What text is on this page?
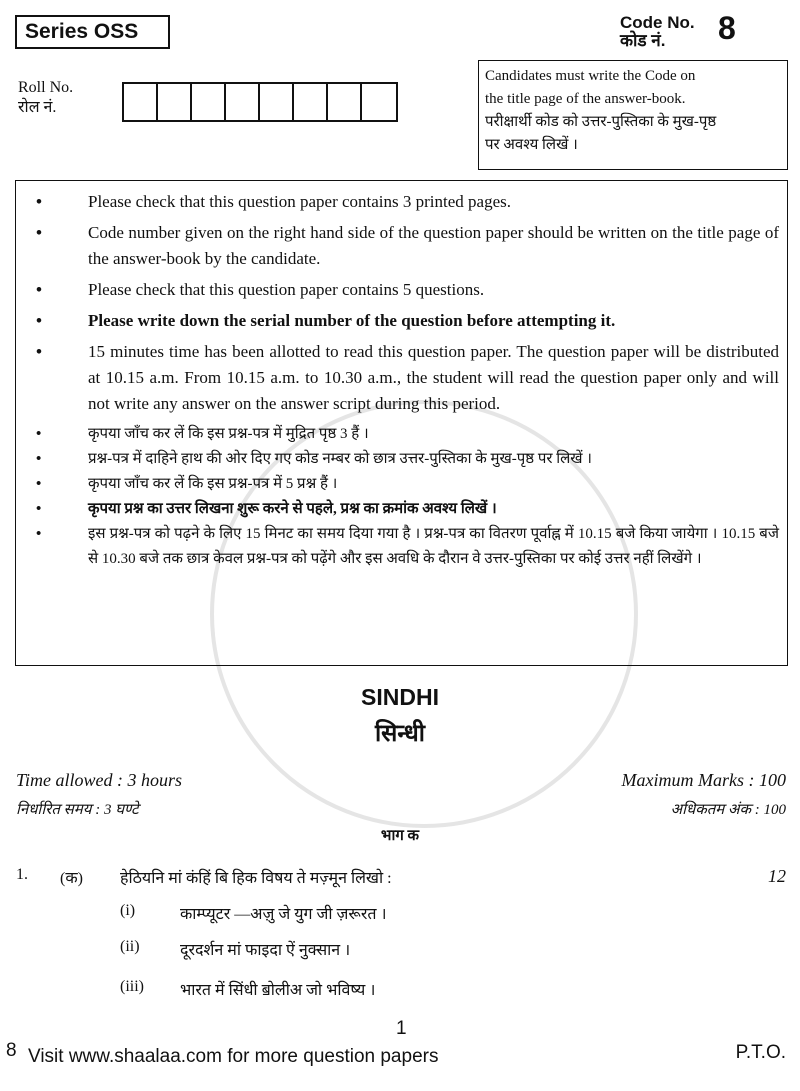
Series OSS	Code No.
कोड नं.	8
Roll No.
रोल नं.
Candidates must write the Code on
the title page of the answer-book.
परीक्षार्थी कोड को उत्तर-पुस्तिका के मुख-पृष्ठ
पर अवश्य लिखें ।
•	Please check that this question paper contains 3 printed pages.
•	Code number given on the right hand side of the question paper should be written on the title page of the answer-book by the candidate.
•	Please check that this question paper contains 5 questions.
•	Please write down the serial number of the question before attempting it.
•	15 minutes time has been allotted to read this question paper. The question paper will be distributed at 10.15 a.m. From 10.15 a.m. to 10.30 a.m., the student will read the question paper only and will not write any answer on the answer script during this period.
•	कृपया जाँच कर लें कि इस प्रश्न-पत्र में मुद्रित पृष्ठ 3 हैं ।
•	प्रश्न-पत्र में दाहिने हाथ की ओर दिए गए कोड नम्बर को छात्र उत्तर-पुस्तिका के मुख-पृष्ठ पर लिखें ।
•	कृपया जाँच कर लें कि इस प्रश्न-पत्र में 5 प्रश्न हैं ।
•	कृपया प्रश्न का उत्तर लिखना शुरू करने से पहले, प्रश्न का क्रमांक अवश्य लिखें ।
•	इस प्रश्न-पत्र को पढ़ने के लिए 15 मिनट का समय दिया गया है । प्रश्न-पत्र का वितरण पूर्वाह्न में 10.15 बजे किया जायेगा । 10.15 बजे से 10.30 बजे तक छात्र केवल प्रश्न-पत्र को पढ़ेंगे और इस अवधि के दौरान वे उत्तर-पुस्तिका पर कोई उत्तर नहीं लिखेंगे ।
SINDHI
सिन्धी
Time allowed : 3 hours
निर्धारित समय : 3 घण्टे
Maximum Marks : 100
अधिकतम अंक : 100
भाग क
1. (क) हेठियनि मां कंहिं बि हिक विषय ते मज़्मून लिखो :	12
(i)	काम्प्यूटर —अज़ु जे युग जी ज़रूरत ।
(ii)	दूरदर्शन मां फाइदा ऐं नुक्सान ।
(iii) भारत में सिंधी ॿोलीअ जो भविष्य ।
8 Visit www.shaalaa.com for more question papers
1
P.T.O.
